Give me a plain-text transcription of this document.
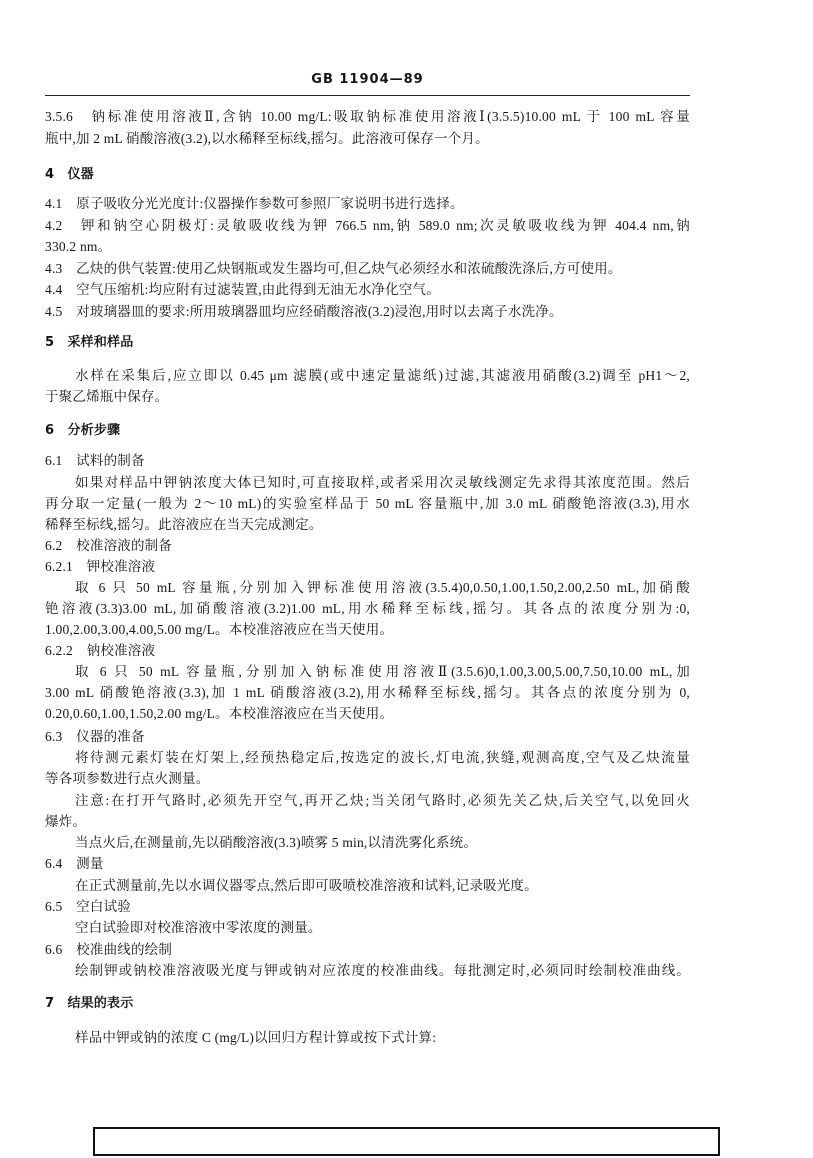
GB 11904—89
3.5.6　钠标准使用溶液Ⅱ,含钠 10.00 mg/L:吸取钠标准使用溶液Ⅰ(3.5.5)10.00 mL 于 100 mL 容量
瓶中,加 2 mL 硝酸溶液(3.2),以水稀释至标线,摇匀。此溶液可保存一个月。
4　仪器
4.1　原子吸收分光光度计:仪器操作参数可参照厂家说明书进行选择。
4.2　钾和钠空心阴极灯:灵敏吸收线为钾 766.5 nm,钠 589.0 nm;次灵敏吸收线为钾 404.4 nm,钠
330.2 nm。
4.3　乙炔的供气装置:使用乙炔钢瓶或发生器均可,但乙炔气必须经水和浓硫酸洗涤后,方可使用。
4.4　空气压缩机:均应附有过滤装置,由此得到无油无水净化空气。
4.5　对玻璃器皿的要求:所用玻璃器皿均应经硝酸溶液(3.2)浸泡,用时以去离子水洗净。
5　采样和样品
水样在采集后,应立即以 0.45 μm 滤膜(或中速定量滤纸)过滤,其滤液用硝酸(3.2)调至 pH1～2,
于聚乙烯瓶中保存。
6　分析步骤
6.1　试料的制备
如果对样品中钾钠浓度大体已知时,可直接取样,或者采用次灵敏线测定先求得其浓度范围。然后
再分取一定量(一般为 2～10 mL)的实验室样品于 50 mL 容量瓶中,加 3.0 mL 硝酸铯溶液(3.3),用水
稀释至标线,摇匀。此溶液应在当天完成测定。
6.2　校准溶液的制备
6.2.1　钾校准溶液
取 6 只 50 mL 容量瓶,分别加入钾标准使用溶液(3.5.4)0,0.50,1.00,1.50,2.00,2.50 mL,加硝酸
铯溶液(3.3)3.00 mL,加硝酸溶液(3.2)1.00 mL,用水稀释至标线,摇匀。其各点的浓度分别为:0,
1.00,2.00,3.00,4.00,5.00 mg/L。本校准溶液应在当天使用。
6.2.2　钠校准溶液
取 6 只 50 mL 容量瓶,分别加入钠标准使用溶液Ⅱ(3.5.6)0,1.00,3.00,5.00,7.50,10.00 mL,加
3.00 mL 硝酸铯溶液(3.3),加 1 mL 硝酸溶液(3.2),用水稀释至标线,摇匀。其各点的浓度分别为 0,
0.20,0.60,1.00,1.50,2.00 mg/L。本校准溶液应在当天使用。
6.3　仪器的准备
将待测元素灯装在灯架上,经预热稳定后,按选定的波长,灯电流,狭缝,观测高度,空气及乙炔流量
等各项参数进行点火测量。
注意:在打开气路时,必须先开空气,再开乙炔;当关闭气路时,必须先关乙炔,后关空气,以免回火
爆炸。
当点火后,在测量前,先以硝酸溶液(3.3)喷雾 5 min,以清洗雾化系统。
6.4　测量
在正式测量前,先以水调仪器零点,然后即可吸喷校准溶液和试料,记录吸光度。
6.5　空白试验
空白试验即对校准溶液中零浓度的测量。
6.6　校准曲线的绘制
绘制钾或钠校准溶液吸光度与钾或钠对应浓度的校准曲线。每批测定时,必须同时绘制校准曲线。
7　结果的表示
样品中钾或钠的浓度 C (mg/L)以回归方程计算或按下式计算:
